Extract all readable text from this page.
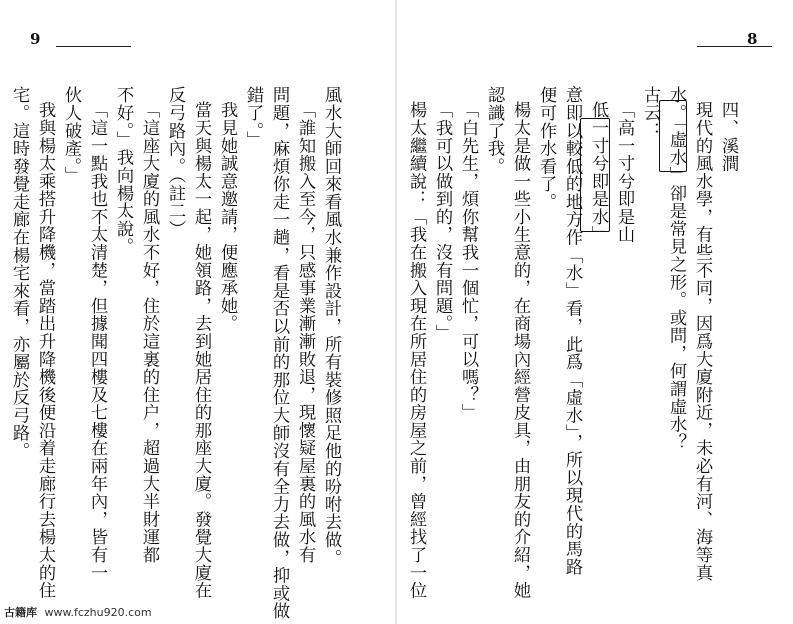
9
風水大師回來看風水兼作設計，所有裝修照足他的吩咐去做。
「誰知搬入至今，只感事業漸漸敗退，現懷疑屋裏的風水有
問題，麻煩你走一趟，看是否以前的那位大師沒有全力去做，抑或做
錯了。」
我見她誠意邀請，便應承她。
當天與楊太一起，她領路，去到她居住的那座大廈。發覺大廈在
反弓路內。（註二）
「這座大廈的風水不好，住於這裏的住户，超過大半財運都
不好。」我向楊太說。
「這一點我也不太清楚，但據聞四樓及七樓在兩年內，皆有一
伙人破產。」
我與楊太乘搭升降機，當踏出升降機後便沿着走廊行去楊太的住
宅。這時發覺走廊在楊宅來看，亦屬於反弓路。
8
四、溪澗
現代的風水學，有些不同，因爲大廈附近，未必有河、海等真
水。「虛水」卻是常見之形。或問，何謂虛水？
古云：
「高一寸兮即是山
低一寸兮即是水」
意即以較低的地方作「水」看，此爲「虛水」，所以現代的馬路
便可作水看了。
楊太是做一些小生意的，在商場內經營皮具，由朋友的介紹，她
認識了我。
「白先生，煩你幫我一個忙，可以嗎？」
「我可以做到的，沒有問題。」
楊太繼續說：「我在搬入現在所居住的房屋之前，曾經找了一位
古籍库 www.fczhu920.com
